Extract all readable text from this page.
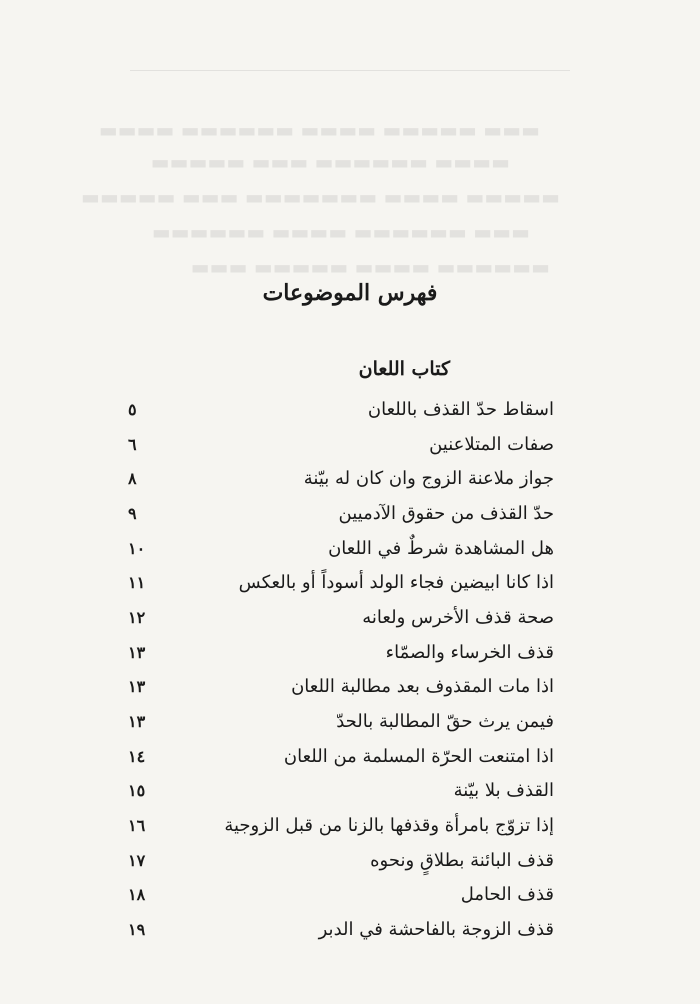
▬▬▬ ▬▬▬▬▬ ▬▬▬▬ ▬▬▬▬▬▬ ▬▬▬▬
▬▬▬▬ ▬▬▬▬▬▬ ▬▬▬ ▬▬▬▬▬
▬▬▬▬▬ ▬▬▬▬ ▬▬▬▬▬▬▬ ▬▬▬ ▬▬▬▬▬
▬▬▬ ▬▬▬▬▬▬ ▬▬▬▬ ▬▬▬▬▬▬
▬▬▬▬▬▬ ▬▬▬▬ ▬▬▬▬▬ ▬▬▬
فهرس الموضوعات
كتاب اللعان
اسقاط حدّ القذف باللعان
٥
صفات المتلاعنين
٦
جواز ملاعنة الزوج وان كان له بيّنة
٨
حدّ القذف من حقوق الآدميين
٩
هل المشاهدة شرطٌ في اللعان
١٠
اذا كانا ابيضين فجاء الولد أسوداً أو بالعكس
١١
صحة قذف الأخرس ولعانه
١٢
قذف الخرساء والصمّاء
١٣
اذا مات المقذوف بعد مطالبة اللعان
١٣
فيمن يرث حقّ المطالبة بالحدّ
١٣
اذا امتنعت الحرّة المسلمة من اللعان
١٤
القذف بلا بيّنة
١٥
إذا تزوّج بامرأة وقذفها بالزنا من قبل الزوجية
١٦
قذف البائنة بطلاقٍ ونحوه
١٧
قذف الحامل
١٨
قذف الزوجة بالفاحشة في الدبر
١٩
